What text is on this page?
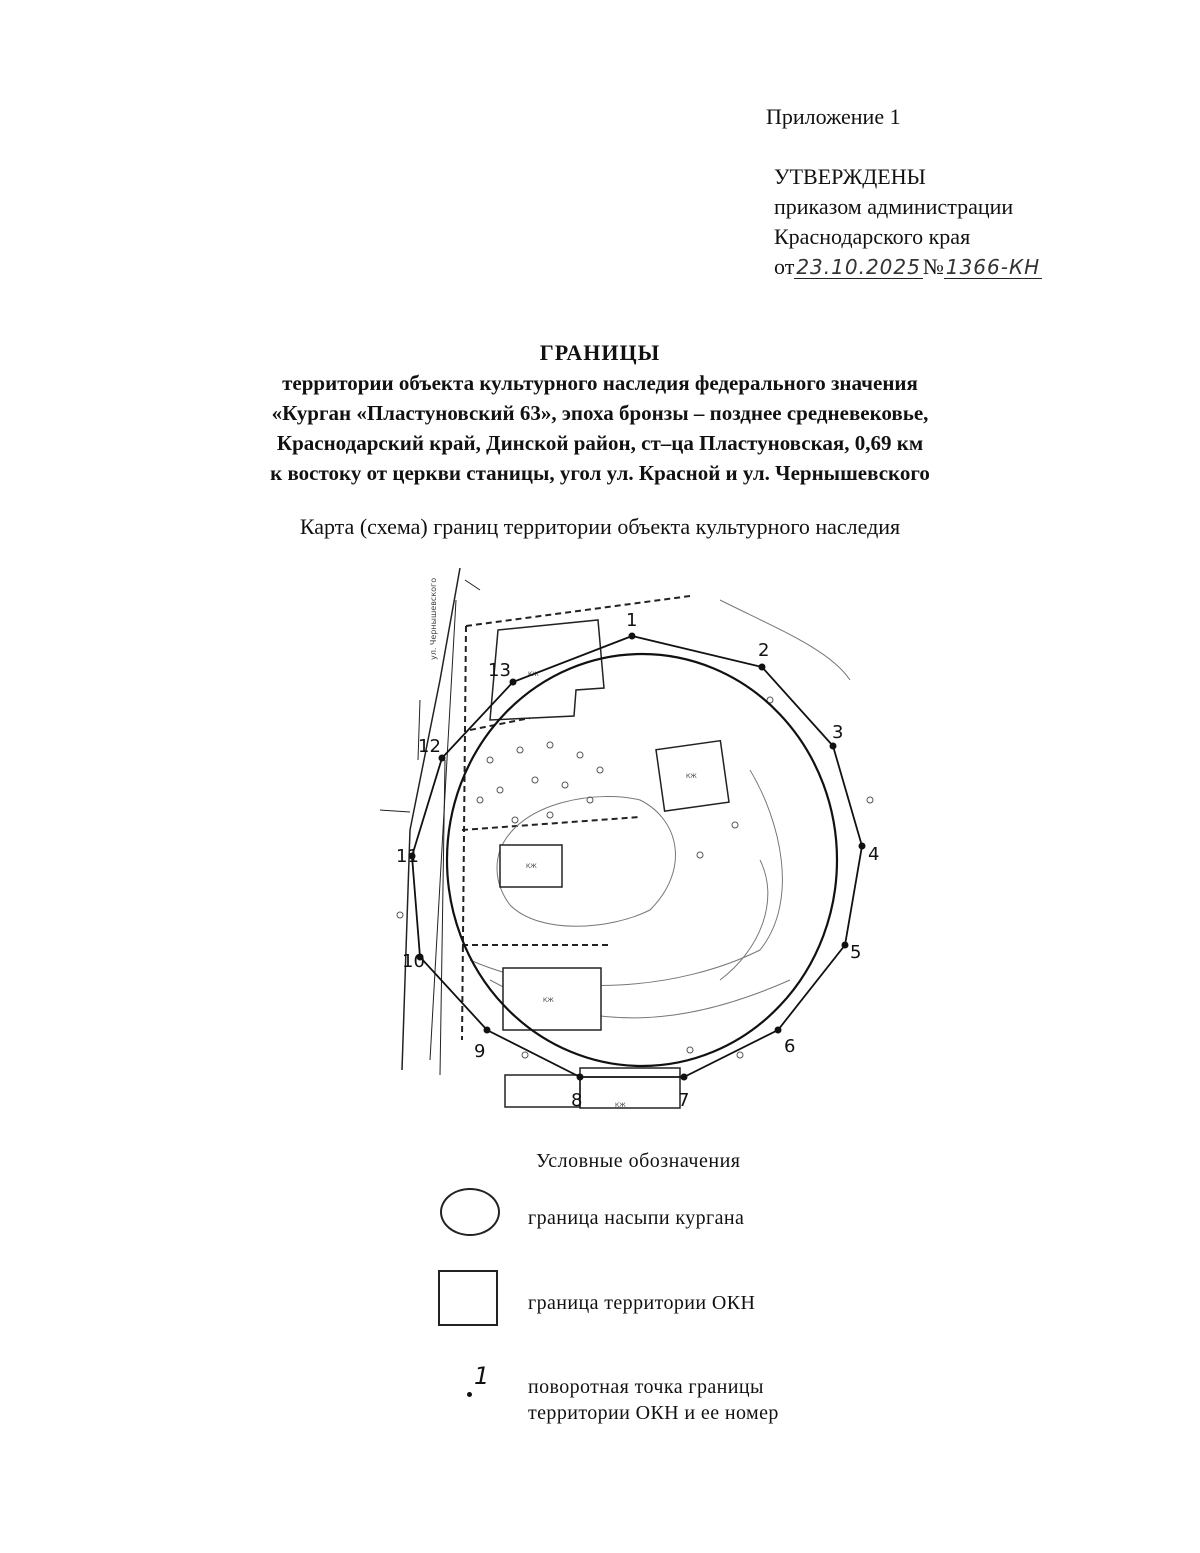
Приложение 1
УТВЕРЖДЕНЫ
приказом администрации
Краснодарского края
от 23.10.2025№ 1366-КН
ГРАНИЦЫ
территории объекта культурного наследия федерального значения
«Курган «Пластуновский 63», эпоха бронзы – позднее средневековье,
Краснодарский край, Динской район, ст–ца Пластуновская, 0,69 км
к востоку от церкви станицы, угол ул. Красной и ул. Чернышевского
Карта (схема) границ территории объекта культурного наследия
КЖ
КЖ
КЖ
КЖ
КЖ
1
2
3
4
5
6
7
8
9
10
11
12
13
ул. Чернышевского
Условные обозначения
граница насыпи кургана
граница территории ОКН
1 поворотная точка границы
территории ОКН и ее номер
